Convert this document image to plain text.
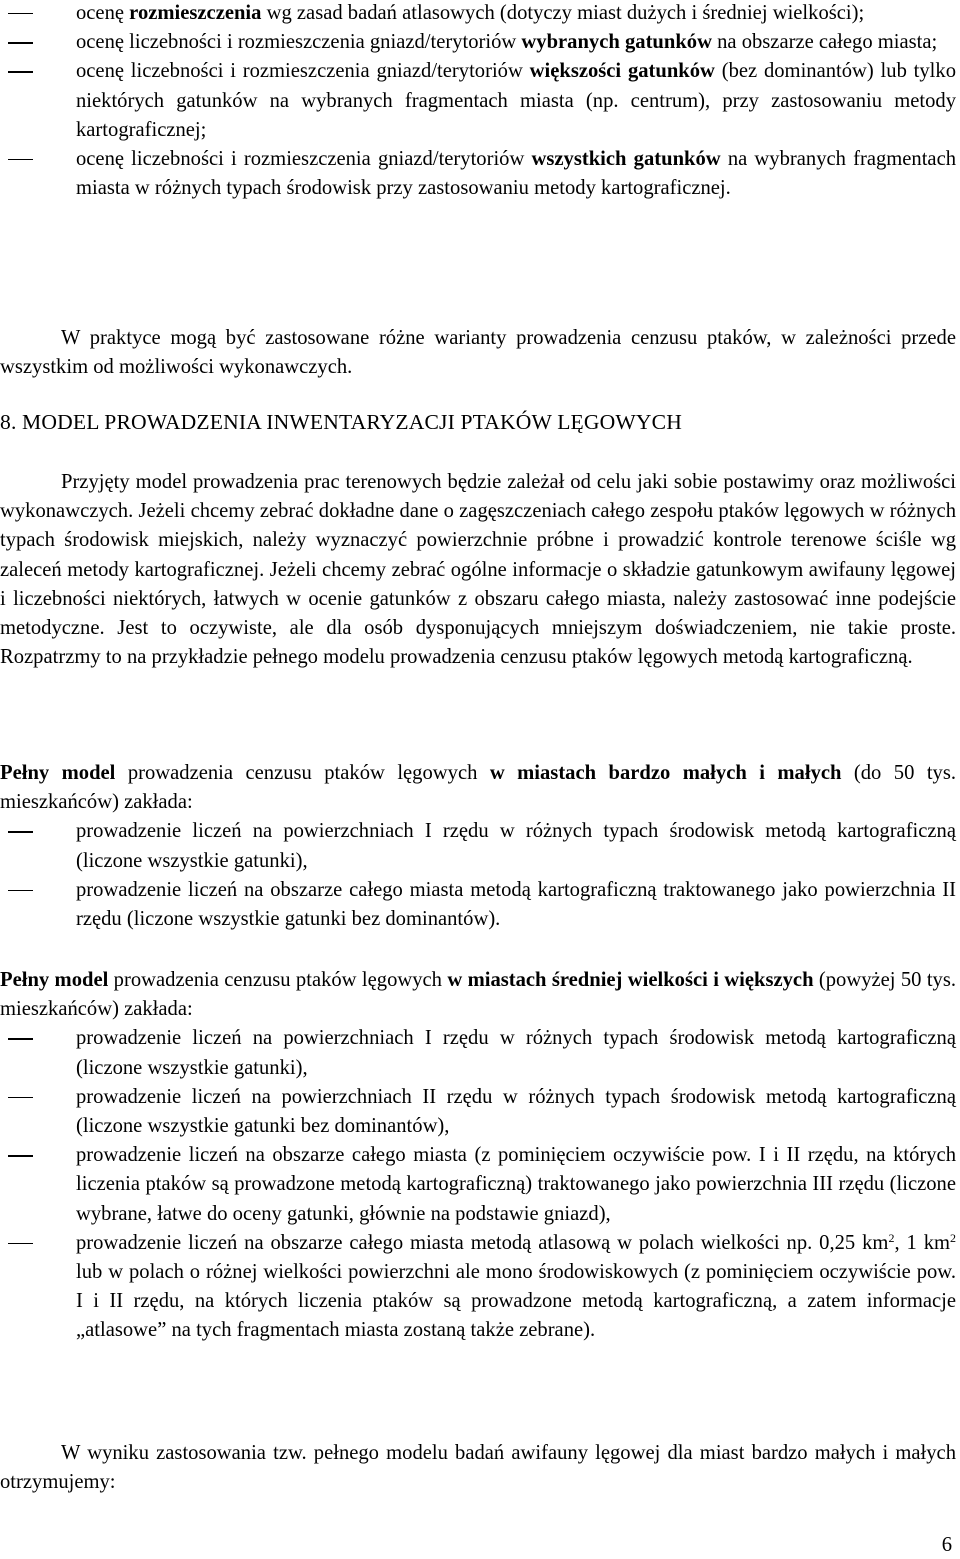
ocenę rozmieszczenia wg zasad badań atlasowych (dotyczy miast dużych i średniej wielkości);
ocenę liczebności i rozmieszczenia gniazd/terytoriów wybranych gatunków na obszarze całego miasta;
ocenę liczebności i rozmieszczenia gniazd/terytoriów większości gatunków (bez dominantów) lub tylko niektórych gatunków na wybranych fragmentach miasta (np. centrum), przy zastosowaniu metody kartograficznej;
ocenę liczebności i rozmieszczenia gniazd/terytoriów wszystkich gatunków na wybranych fragmentach miasta w różnych typach środowisk przy zastosowaniu metody kartograficznej.

W praktyce mogą być zastosowane różne warianty prowadzenia cenzusu ptaków, w zależności przede wszystkim od możliwości wykonawczych.

8. MODEL PROWADZENIA INWENTARYZACJI PTAKÓW LĘGOWYCH

Przyjęty model prowadzenia prac terenowych będzie zależał od celu jaki sobie postawimy oraz możliwości wykonawczych. Jeżeli chcemy zebrać dokładne dane o zagęszczeniach całego zespołu ptaków lęgowych w różnych typach środowisk miejskich, należy wyznaczyć powierzchnie próbne i prowadzić kontrole terenowe ściśle wg zaleceń metody kartograficznej. Jeżeli chcemy zebrać ogólne informacje o składzie gatunkowym awifauny lęgowej i liczebności niektórych, łatwych w ocenie gatunków z obszaru całego miasta, należy zastosować inne podejście metodyczne. Jest to oczywiste, ale dla osób dysponujących mniejszym doświadczeniem, nie takie proste. Rozpatrzmy to na przykładzie pełnego modelu prowadzenia cenzusu ptaków lęgowych metodą kartograficzną.

Pełny model prowadzenia cenzusu ptaków lęgowych w miastach bardzo małych i małych (do 50 tys. mieszkańców) zakłada:

prowadzenie liczeń na powierzchniach I rzędu w różnych typach środowisk metodą kartograficzną (liczone wszystkie gatunki),
prowadzenie liczeń na obszarze całego miasta metodą kartograficzną traktowanego jako powierzchnia II rzędu (liczone wszystkie gatunki bez dominantów).

Pełny model prowadzenia cenzusu ptaków lęgowych w miastach średniej wielkości i większych (powyżej 50 tys. mieszkańców) zakłada:

prowadzenie liczeń na powierzchniach I rzędu w różnych typach środowisk metodą kartograficzną (liczone wszystkie gatunki),
prowadzenie liczeń na powierzchniach II rzędu w różnych typach środowisk metodą kartograficzną (liczone wszystkie gatunki bez dominantów),
prowadzenie liczeń na obszarze całego miasta (z pominięciem oczywiście pow. I i II rzędu, na których liczenia ptaków są prowadzone metodą kartograficzną) traktowanego jako powierzchnia III rzędu (liczone wybrane, łatwe do oceny gatunki, głównie na podstawie gniazd),
prowadzenie liczeń na obszarze całego miasta metodą atlasową w polach wielkości np. 0,25 $km^2$, 1 $km^2$ lub w polach o różnej wielkości powierzchni ale mono środowiskowych (z pominięciem oczywiście pow. I i II rzędu, na których liczenia ptaków są prowadzone metodą kartograficzną, a zatem informacje „atlasowe” na tych fragmentach miasta zostaną także zebrane).

W wyniku zastosowania tzw. pełnego modelu badań awifauny lęgowej dla miast bardzo małych i małych otrzymujemy:

6
